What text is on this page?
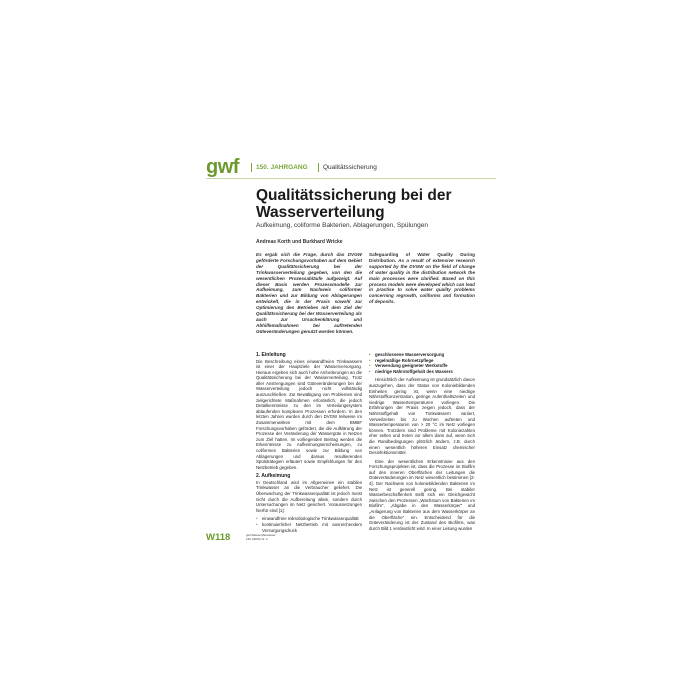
gwf	150. JAHRGANG Qualitätssicherung
Qualitätssicherung bei der Wasserverteilung
Aufkeimung, coliforme Bakterien, Ablagerungen, Spülungen
Andreas Korth und Burkhard Wricke

Es ergab sich die Frage, durch das DVGW geförderte Forschungsvorhaben auf dem Gebiet der Qualitätssicherung bei der Trinkwasserverteilung gegeben, von den die wesentlichen Prozessabläufe aufgezeigt. Auf dieser Basis werden Prozessmodelle zur Aufkeimung, zum Nachweis coliformer Bakterien und zur Bildung von Ablagerungen entwickelt, die in der Praxis sowohl zur Optimierung des Betriebes mit dem Ziel der Qualitätssicherung bei der Wasserverteilung als auch zur Ursachenklärung und Abhilfemaßnahmen bei auftretenden Güteveränderungen genutzt werden können.

Safeguarding of Water Quality During Distribution. As a result of extensive research supported by the DVGW on the field of change of water quality in the distribution network the main processes were clarified. Based on this process models were developed which can lead in practise to solve water quality problems concerning regrowth, coliforms and formation of deposits.

1. Einleitung

Die Beschreibung eines einwandfreien Trinkwassers ist einer der Hauptziele der Wasserversorgung. Hieraus ergeben sich auch hohe Anforderungen an die Qualitätssicherung bei der Wasserverteilung. Trotz aller Anstrengungen sind Güteveränderungen bei der Wasserverteilung jedoch nicht vollständig auszuschließen. Zur Bewältigung von Problemen sind zielgerichtete Maßnahmen erforderlich, die jedoch Detailkenntnisse zu den im Verteilungssystem ablaufenden komplexen Prozessen erfordern. In den letzten Jahren wurden durch den DVGW teilweise im Zusammenwirken mit dem BMBF Forschungsvorhaben gefördert, die die Aufklärung der Prozesse der Veränderung der Wassergüte in Netzen zum Ziel hatten. Im vorliegenden Beitrag werden die Erkenntnisse zu Aufkeimungserscheinungen, zu coliformen Bakterien sowie zur Bildung von Ablagerungen und daraus resultierenden Spülstrategien erläutert sowie Empfehlungen für den Netzbetrieb gegeben.

2. Aufkeimung

In Deutschland wird im Allgemeinen ein stabiles Trinkwasser an die Verbraucher geliefert. Die Überwachung der Trinkwasserqualität ist jedoch meist nicht durch die Aufbereitung allein, sondern durch Untersuchungen im Netz gesichert. Voraussetzungen hierfür sind [1]:

• einwandfreie mikrobiologische Trinkwasserqualität
• kontinuierlicher Netzbetrieb mit ausreichendem Versorgungsdruck
• geschlossene Wasserversorgung
• regelmäßige Rohrnetzpflege
• Verwendung geeigneter Werkstoffe
• niedrige Nährstoffgehalt des Wassers

Hinsichtlich der Aufkeimung ist grundsätzlich davon auszugehen, dass der Status von Koloniebildenden Einheiten gering ist, wenn eine niedrige Nährstoffkonzentration, geringe Aufenthaltszeiten und niedrige Wassertemperaturen vorliegen. Die Erfahrungen der Praxis zeigen jedoch, dass der Nährstoffgehalt von Trinkwässern variiert, Verweilzeiten bis zu Wochen auftreten und Wassertemperaturen von > 20 °C im Netz vorliegen können. Trotzdem sind Probleme mit Koloniezahlen eher selten und treten vor allem dann auf, wenn sich die Randbedingungen plötzlich ändern, z.B. durch einen wesentlich höheren Einsatz chemischer Desinfektionsmittel.

Eine der wesentlichen Erkenntnisse aus den Forschungsprojekten ist, dass die Prozesse im Biofilm auf den inneren Oberflächen der Leitungen die Güteveränderungen im Netz wesentlich bestimmen [2-4]. Der Nachweis von koloniebildenden Bakterien im Netz ist generell gering. Bei stabiler Wasserbeschaffenheit stellt sich ein Gleichgewicht zwischen den Prozessen „Wachstum von Bakterien im Biofilm“, „Abgabe in den Wasserkörper“ und „Anlagerung von Bakterien aus dem Wasserkörper an die Oberfläche“ ein. Entscheidend für die Güteveränderung ist der Zustand des Biofilms, was durch Bild 1 verdeutlicht wird. In einer Leitung wurden

W118	gwf-Wasser|Abwasser
150 (2009) Nr. 2
